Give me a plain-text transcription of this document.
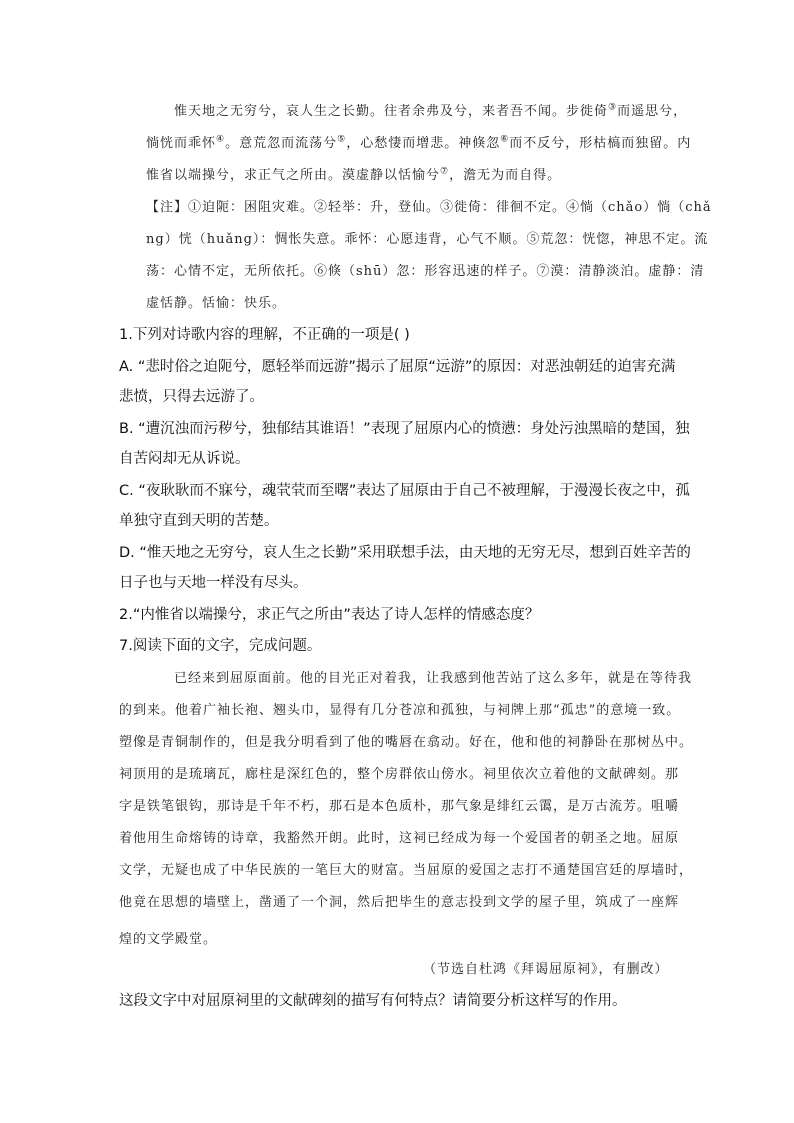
惟天地之无穷兮，哀人生之长勤。往者余弗及兮，来者吾不闻。步徙倚③而遥思兮，
惝恍而乖怀④。意荒忽而流荡兮⑤，心愁悽而增悲。神倏忽⑥而不反兮，形枯槁而独留。内
惟省以端操兮，求正气之所由。漠虚静以恬愉兮⑦，澹无为而自得。
【注】①迫阨：困阻灾难。②轻举：升，登仙。③徙倚：徘徊不定。④惝（chǎo）惝（chǎ
ng）恍（huǎng）：惆怅失意。乖怀：心愿违背，心气不顺。⑤荒忽：恍惚，神思不定。流
荡：心情不定，无所依托。⑥倏（shū）忽：形容迅速的样子。⑦漠：清静淡泊。虚静：清
虚恬静。恬愉：快乐。
1.下列对诗歌内容的理解，不正确的一项是( )
A. “悲时俗之迫阨兮，愿轻举而远游”揭示了屈原“远游”的原因：对恶浊朝廷的迫害充满
悲愤，只得去远游了。
B. “遭沉浊而污秽兮，独郁结其谁语！”表现了屈原内心的愤懑：身处污浊黑暗的楚国，独
自苦闷却无从诉说。
C. “夜耿耿而不寐兮，魂茕茕而至曙”表达了屈原由于自己不被理解，于漫漫长夜之中，孤
单独守直到天明的苦楚。
D. “惟天地之无穷兮，哀人生之长勤”采用联想手法，由天地的无穷无尽，想到百姓辛苦的
日子也与天地一样没有尽头。
2.“内惟省以端操兮，求正气之所由”表达了诗人怎样的情感态度？
7.阅读下面的文字，完成问题。
已经来到屈原面前。他的目光正对着我，让我感到他苦站了这么多年，就是在等待我
的到来。他着广袖长袍、翘头巾，显得有几分苍凉和孤独，与祠牌上那“孤忠”的意境一致。
塑像是青铜制作的，但是我分明看到了他的嘴唇在翕动。好在，他和他的祠静卧在那树丛中。
祠顶用的是琉璃瓦，廊柱是深红色的，整个房群依山傍水。祠里依次立着他的文献碑刻。那
字是铁笔银钩，那诗是千年不朽，那石是本色质朴，那气象是绯红云霭，是万古流芳。咀嚼
着他用生命熔铸的诗章，我豁然开朗。此时，这祠已经成为每一个爱国者的朝圣之地。屈原
文学，无疑也成了中华民族的一笔巨大的财富。当屈原的爱国之志打不通楚国宫廷的厚墙时，
他竟在思想的墙壁上，凿通了一个洞，然后把毕生的意志投到文学的屋子里，筑成了一座辉
煌的文学殿堂。
（节选自杜鸿《拜谒屈原祠》，有删改）
这段文字中对屈原祠里的文献碑刻的描写有何特点？请简要分析这样写的作用。
